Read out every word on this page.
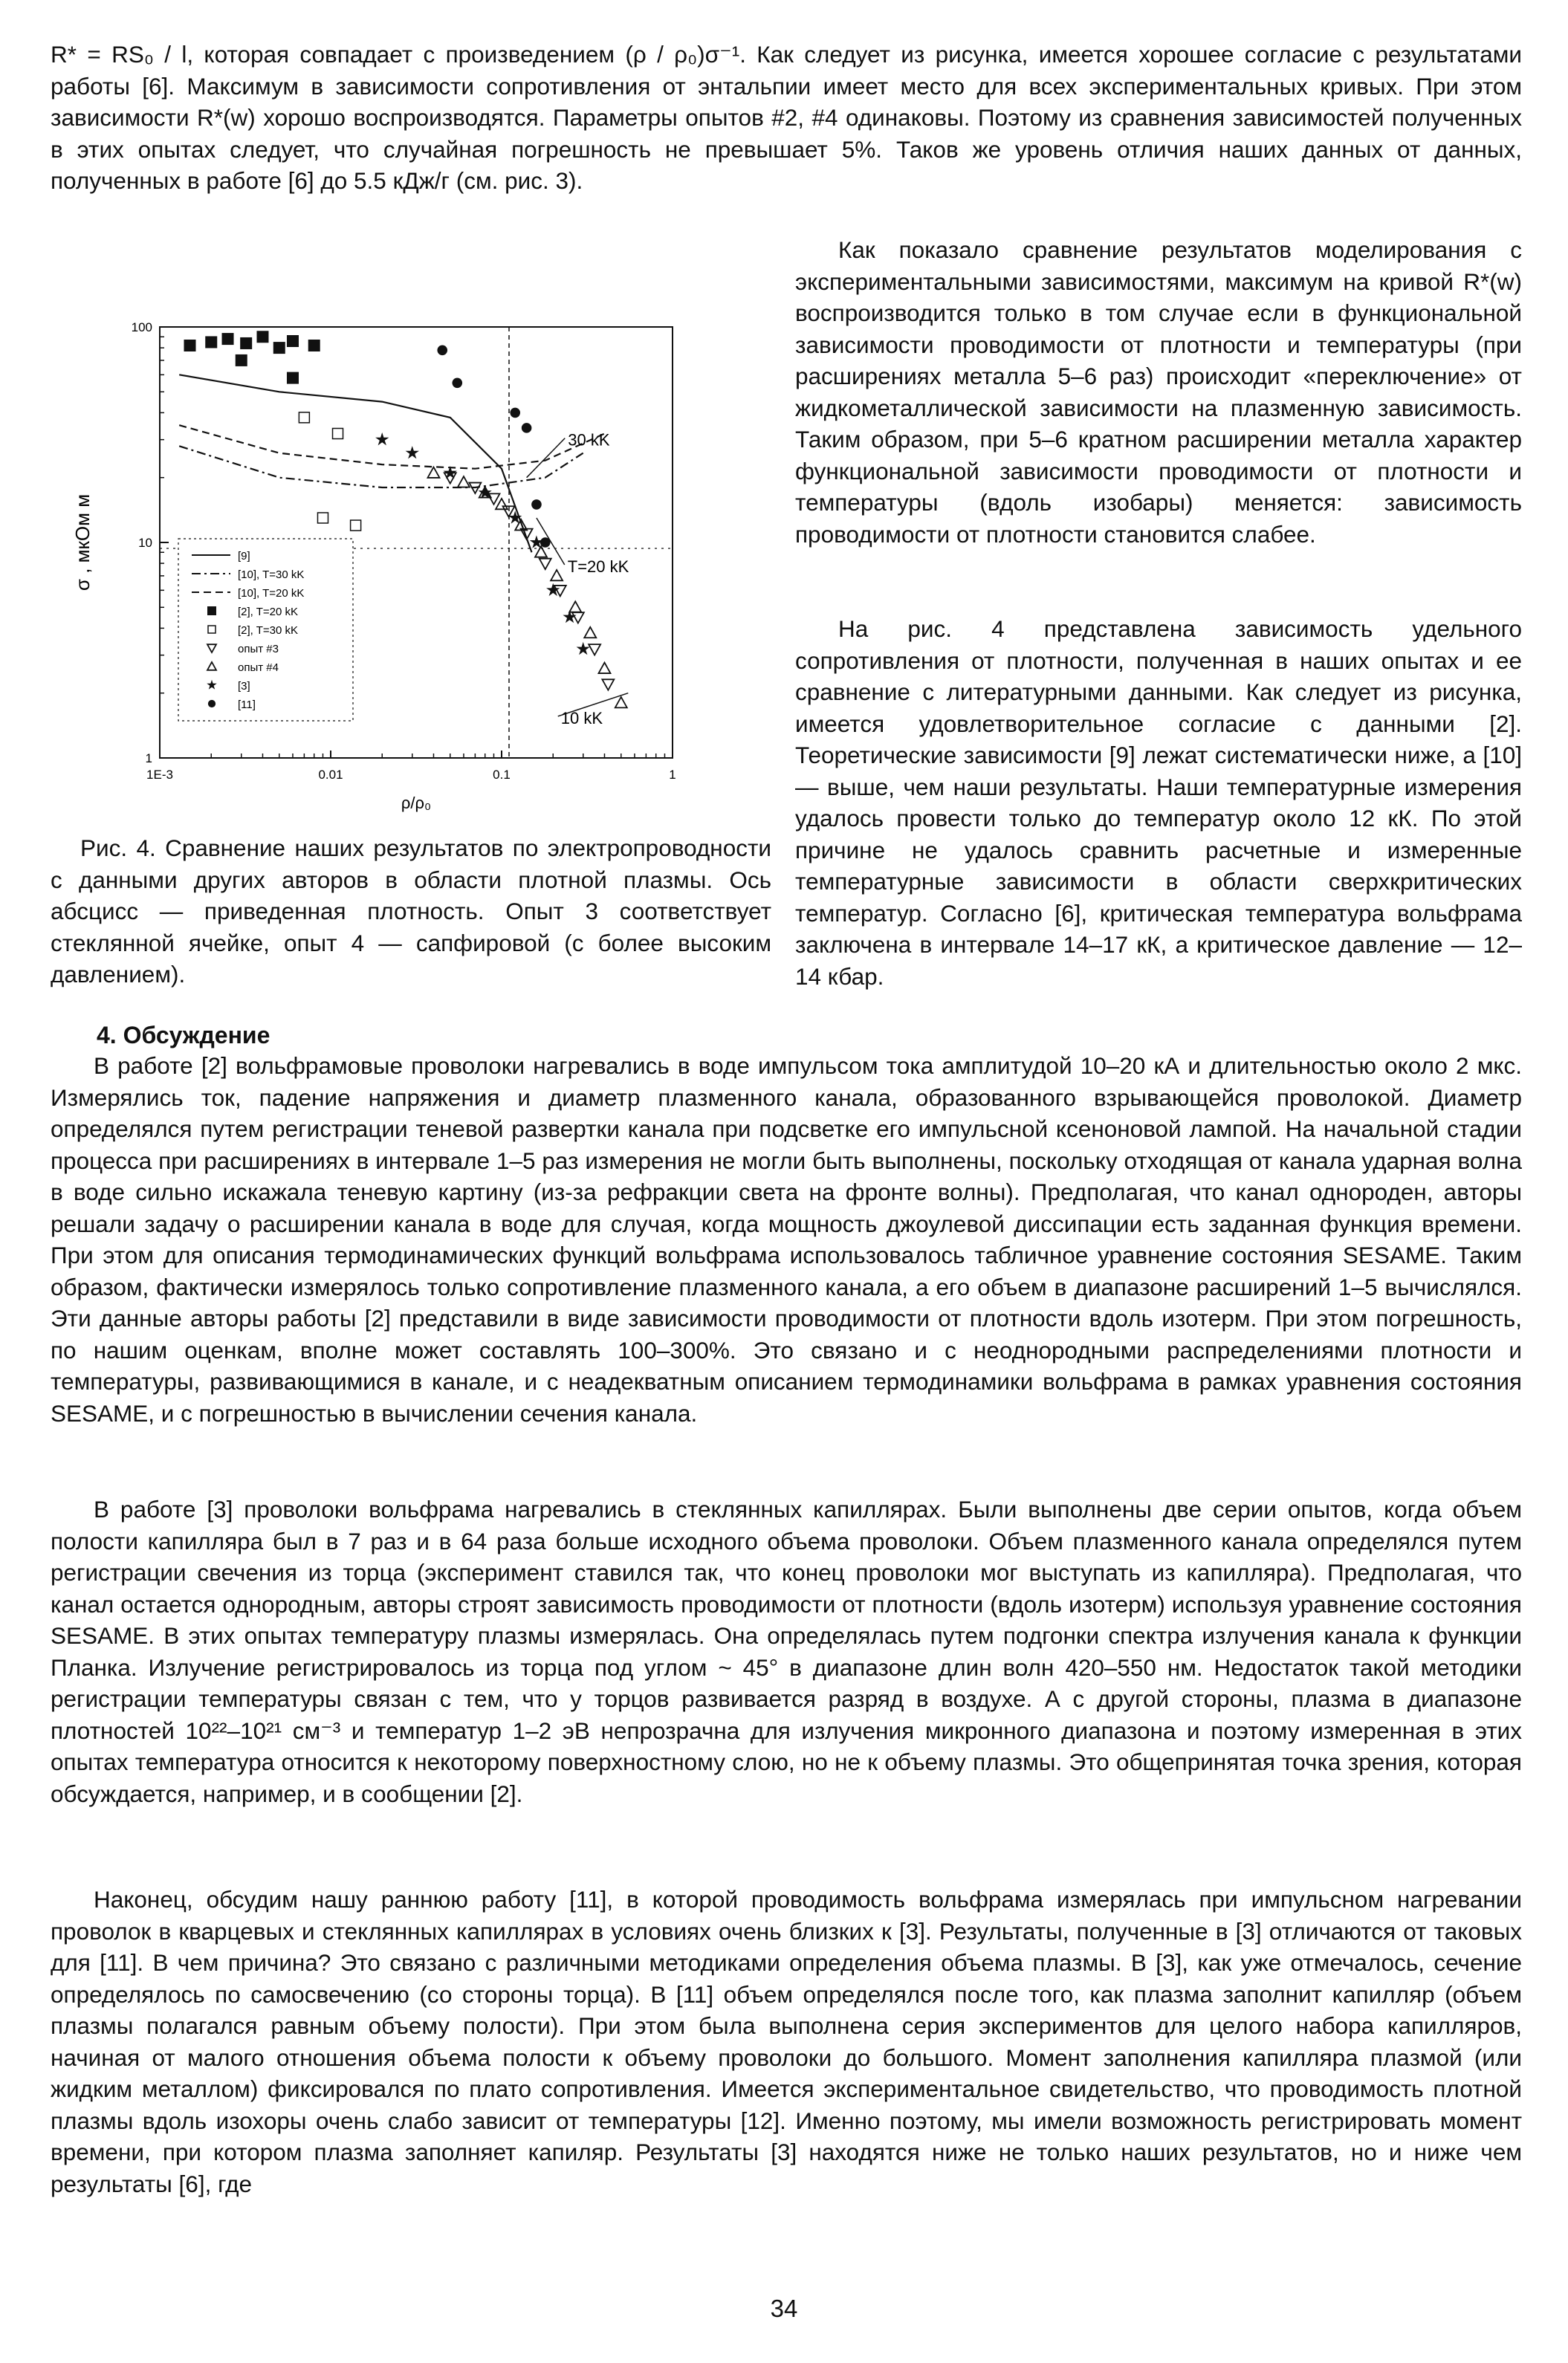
R* = RS₀ / l, которая совпадает с произведением (ρ / ρ₀)σ⁻¹. Как следует из рисунка, имеется хорошее согласие с результатами работы [6]. Максимум в зависимости сопротивления от энтальпии имеет место для всех экспериментальных кривых. При этом зависимости R*(w) хорошо воспроизводятся. Параметры опытов #2, #4 одинаковы. Поэтому из сравнения зависимостей полученных в этих опытах следует, что случайная погрешность не превышает 5%. Таков же уровень отличия наших данных от данных, полученных в работе [6] до 5.5 кДж/г (см. рис. 3).

Как показало сравнение результатов моделирования с экспериментальными зависимостями, максимум на кривой R*(w) воспроизводится только в том случае если в функциональной зависимости проводимости от плотности и температуры (при расширениях металла 5–6 раз) происходит «переключение» от жидкометаллической зависимости на плазменную зависимость. Таким образом, при 5–6 кратном расширении металла характер функциональной зависимости проводимости от плотности и температуры (вдоль изобары) меняется: зависимость проводимости от плотности становится слабее.

На рис. 4 представлена зависимость удельного сопротивления от плотности, полученная в наших опытах и ее сравнение с литературными данными. Как следует из рисунка, имеется удовлетворительное согласие с данными [2]. Теоретические зависимости [9] лежат систематически ниже, а [10] — выше, чем наши результаты. Наши температурные измерения удалось провести только до температур около 12 кК. По этой причине не удалось сравнить расчетные и измеренные температурные зависимости в области сверхкритических температур. Согласно [6], критическая температура вольфрама заключена в интервале 14–17 кК, а критическое давление — 12–14 кбар.

1E-3	0.01	0.1	1
1
10
100
ρ/ρ₀
σ , мкОм м
30 kK
T=20 kK
10 kK
[9]
[10], T=30 kK
[10], T=20 kK
[2], T=20 kK
[2], T=30 kK
опыт #3
опыт #4
[3]
[11]

Рис. 4. Сравнение наших результатов по электропроводности с данными других авторов в области плотной плазмы. Ось абсцисс — приведенная плотность. Опыт 3 соответствует стеклянной ячейке, опыт 4 — сапфировой (с более высоким давлением).

4. Обсуждение

В работе [2] вольфрамовые проволоки нагревались в воде импульсом тока амплитудой 10–20 кА и длительностью около 2 мкс. Измерялись ток, падение напряжения и диаметр плазменного канала, образованного взрывающейся проволокой. Диаметр определялся путем регистрации теневой развертки канала при подсветке его импульсной ксеноновой лампой. На начальной стадии процесса при расширениях в интервале 1–5 раз измерения не могли быть выполнены, поскольку отходящая от канала ударная волна в воде сильно искажала теневую картину (из-за рефракции света на фронте волны). Предполагая, что канал однороден, авторы решали задачу о расширении канала в воде для случая, когда мощность джоулевой диссипации есть заданная функция времени. При этом для описания термодинамических функций вольфрама использовалось табличное уравнение состояния SESAME. Таким образом, фактически измерялось только сопротивление плазменного канала, а его объем в диапазоне расширений 1–5 вычислялся. Эти данные авторы работы [2] представили в виде зависимости проводимости от плотности вдоль изотерм. При этом погрешность, по нашим оценкам, вполне может составлять 100–300%. Это связано и с неоднородными распределениями плотности и температуры, развивающимися в канале, и с неадекватным описанием термодинамики вольфрама в рамках уравнения состояния SESAME, и с погрешностью в вычислении сечения канала.

В работе [3] проволоки вольфрама нагревались в стеклянных капиллярах. Были выполнены две серии опытов, когда объем полости капилляра был в 7 раз и в 64 раза больше исходного объема проволоки. Объем плазменного канала определялся путем регистрации свечения из торца (эксперимент ставился так, что конец проволоки мог выступать из капилляра). Предполагая, что канал остается однородным, авторы строят зависимость проводимости от плотности (вдоль изотерм) используя уравнение состояния SESAME. В этих опытах температуру плазмы измерялась. Она определялась путем подгонки спектра излучения канала к функции Планка. Излучение регистрировалось из торца под углом ~ 45° в диапазоне длин волн 420–550 нм. Недостаток такой методики регистрации температуры связан с тем, что у торцов развивается разряд в воздухе. А с другой стороны, плазма в диапазоне плотностей 10²²–10²¹ см⁻³ и температур 1–2 эВ непрозрачна для излучения микронного диапазона и поэтому измеренная в этих опытах температура относится к некоторому поверхностному слою, но не к объему плазмы. Это общепринятая точка зрения, которая обсуждается, например, и в сообщении [2].

Наконец, обсудим нашу раннюю работу [11], в которой проводимость вольфрама измерялась при импульсном нагревании проволок в кварцевых и стеклянных капиллярах в условиях очень близких к [3]. Результаты, полученные в [3] отличаются от таковых для [11]. В чем причина? Это связано с различными методиками определения объема плазмы. В [3], как уже отмечалось, сечение определялось по самосвечению (со стороны торца). В [11] объем определялся после того, как плазма заполнит капилляр (объем плазмы полагался равным объему полости). При этом была выполнена серия экспериментов для целого набора капилляров, начиная от малого отношения объема полости к объему проволоки до большого. Момент заполнения капилляра плазмой (или жидким металлом) фиксировался по плато сопротивления. Имеется экспериментальное свидетельство, что проводимость плотной плазмы вдоль изохоры очень слабо зависит от температуры [12]. Именно поэтому, мы имели возможность регистрировать момент времени, при котором плазма заполняет капиляр. Результаты [3] находятся ниже не только наших результатов, но и ниже чем результаты [6], где

34
